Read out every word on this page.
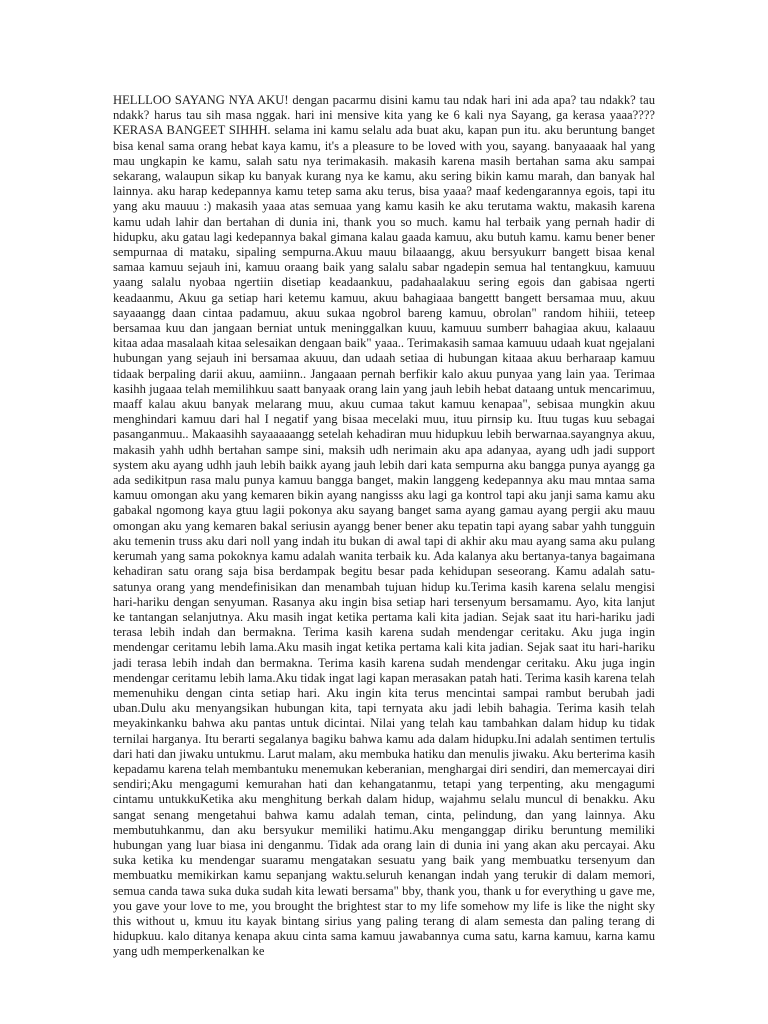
HELLLOO SAYANG NYA AKU! dengan pacarmu disini kamu tau ndak hari ini ada apa? tau ndakk? tau ndakk? harus tau sih masa nggak. hari ini mensive kita yang ke 6 kali nya Sayang, ga kerasa yaaa???? KERASA BANGEET SIHHH. selama ini kamu selalu ada buat aku, kapan pun itu. aku beruntung banget bisa kenal sama orang hebat kaya kamu, it's a pleasure to be loved with you, sayang. banyaaaak hal yang mau ungkapin ke kamu, salah satu nya terimakasih. makasih karena masih bertahan sama aku sampai sekarang, walaupun sikap ku banyak kurang nya ke kamu, aku sering bikin kamu marah, dan banyak hal lainnya. aku harap kedepannya kamu tetep sama aku terus, bisa yaaa? maaf kedengarannya egois, tapi itu yang aku mauuu :) makasih yaaa atas semuaa yang kamu kasih ke aku terutama waktu, makasih karena kamu udah lahir dan bertahan di dunia ini, thank you so much. kamu hal terbaik yang pernah hadir di hidupku, aku gatau lagi kedepannya bakal gimana kalau gaada kamuu, aku butuh kamu. kamu bener bener sempurnaa di mataku, sipaling sempurna.Akuu mauu bilaaangg, akuu bersyukurr bangett bisaa kenal samaa kamuu sejauh ini, kamuu oraang baik yang salalu sabar ngadepin semua hal tentangkuu, kamuuu yaang salalu nyobaa ngertiin disetiap keadaankuu, padahaalakuu sering egois dan gabisaa ngerti keadaanmu, Akuu ga setiap hari ketemu kamuu, akuu bahagiaaa bangettt bangett bersamaa muu, akuu sayaaangg daan cintaa padamuu, akuu sukaa ngobrol bareng kamuu, obrolan" random hihiii, teteep bersamaa kuu dan jangaan berniat untuk meninggalkan kuuu, kamuuu sumberr bahagiaa akuu, kalaauu kitaa adaa masalaah kitaa selesaikan dengaan baik" yaaa.. Terimakasih samaa kamuuu udaah kuat ngejalani hubungan yang sejauh ini bersamaa akuuu, dan udaah setiaa di hubungan kitaaa akuu berharaap kamuu tidaak berpaling darii akuu, aamiinn.. Jangaaan pernah berfikir kalo akuu punyaa yang lain yaa. Terimaa kasihh jugaaa telah memilihkuu saatt banyaak orang lain yang jauh lebih hebat dataang untuk mencarimuu, maaff kalau akuu banyak melarang muu, akuu cumaa takut kamuu kenapaa", sebisaa mungkin akuu menghindari kamuu dari hal I negatif yang bisaa mecelaki muu, ituu pirnsip ku. Ituu tugas kuu sebagai pasanganmuu.. Makaasihh sayaaaaangg setelah kehadiran muu hidupkuu lebih berwarnaa.sayangnya akuu, makasih yahh udhh bertahan sampe sini, maksih udh nerimain aku apa adanyaa, ayang udh jadi support system aku ayang udhh jauh lebih baikk ayang jauh lebih dari kata sempurna aku bangga punya ayangg ga ada sedikitpun rasa malu punya kamuu bangga banget, makin langgeng kedepannya aku mau mntaa sama kamuu omongan aku yang kemaren bikin ayang nangisss aku lagi ga kontrol tapi aku janji sama kamu aku gabakal ngomong kaya gtuu lagii pokonya aku sayang banget sama ayang gamau ayang pergii aku mauu omongan aku yang kemaren bakal seriusin ayangg bener bener aku tepatin tapi ayang sabar yahh tungguin aku temenin truss aku dari noll yang indah itu bukan di awal tapi di akhir aku mau ayang sama aku pulang kerumah yang sama pokoknya kamu adalah wanita terbaik ku. Ada kalanya aku bertanya-tanya bagaimana kehadiran satu orang saja bisa berdampak begitu besar pada kehidupan seseorang. Kamu adalah satu-satunya orang yang mendefinisikan dan menambah tujuan hidup ku.Terima kasih karena selalu mengisi hari-hariku dengan senyuman. Rasanya aku ingin bisa setiap hari tersenyum bersamamu. Ayo, kita lanjut ke tantangan selanjutnya. Aku masih ingat ketika pertama kali kita jadian. Sejak saat itu hari-hariku jadi terasa lebih indah dan bermakna. Terima kasih karena sudah mendengar ceritaku. Aku juga ingin mendengar ceritamu lebih lama.Aku masih ingat ketika pertama kali kita jadian. Sejak saat itu hari-hariku jadi terasa lebih indah dan bermakna. Terima kasih karena sudah mendengar ceritaku. Aku juga ingin mendengar ceritamu lebih lama.Aku tidak ingat lagi kapan merasakan patah hati. Terima kasih karena telah memenuhiku dengan cinta setiap hari. Aku ingin kita terus mencintai sampai rambut berubah jadi uban.Dulu aku menyangsikan hubungan kita, tapi ternyata aku jadi lebih bahagia. Terima kasih telah meyakinkanku bahwa aku pantas untuk dicintai. Nilai yang telah kau tambahkan dalam hidup ku tidak ternilai harganya. Itu berarti segalanya bagiku bahwa kamu ada dalam hidupku.Ini adalah sentimen tertulis dari hati dan jiwaku untukmu. Larut malam, aku membuka hatiku dan menulis jiwaku. Aku berterima kasih kepadamu karena telah membantuku menemukan keberanian, menghargai diri sendiri, dan memercayai diri sendiri;Aku mengagumi kemurahan hati dan kehangatanmu, tetapi yang terpenting, aku mengagumi cintamu untukkuKetika aku menghitung berkah dalam hidup, wajahmu selalu muncul di benakku. Aku sangat senang mengetahui bahwa kamu adalah teman, cinta, pelindung, dan yang lainnya. Aku membutuhkanmu, dan aku bersyukur memiliki hatimu.Aku menganggap diriku beruntung memiliki hubungan yang luar biasa ini denganmu. Tidak ada orang lain di dunia ini yang akan aku percayai. Aku suka ketika ku mendengar suaramu mengatakan sesuatu yang baik yang membuatku tersenyum dan membuatku memikirkan kamu sepanjang waktu.seluruh kenangan indah yang terukir di dalam memori, semua canda tawa suka duka sudah kita lewati bersama" bby, thank you, thank u for everything u gave me, you gave your love to me, you brought the brightest star to my life somehow my life is like the night sky this without u, kmuu itu kayak bintang sirius yang paling terang di alam semesta dan paling terang di hidupkuu. kalo ditanya kenapa akuu cinta sama kamuu jawabannya cuma satu, karna kamuu, karna kamu yang udh memperkenalkan ke
